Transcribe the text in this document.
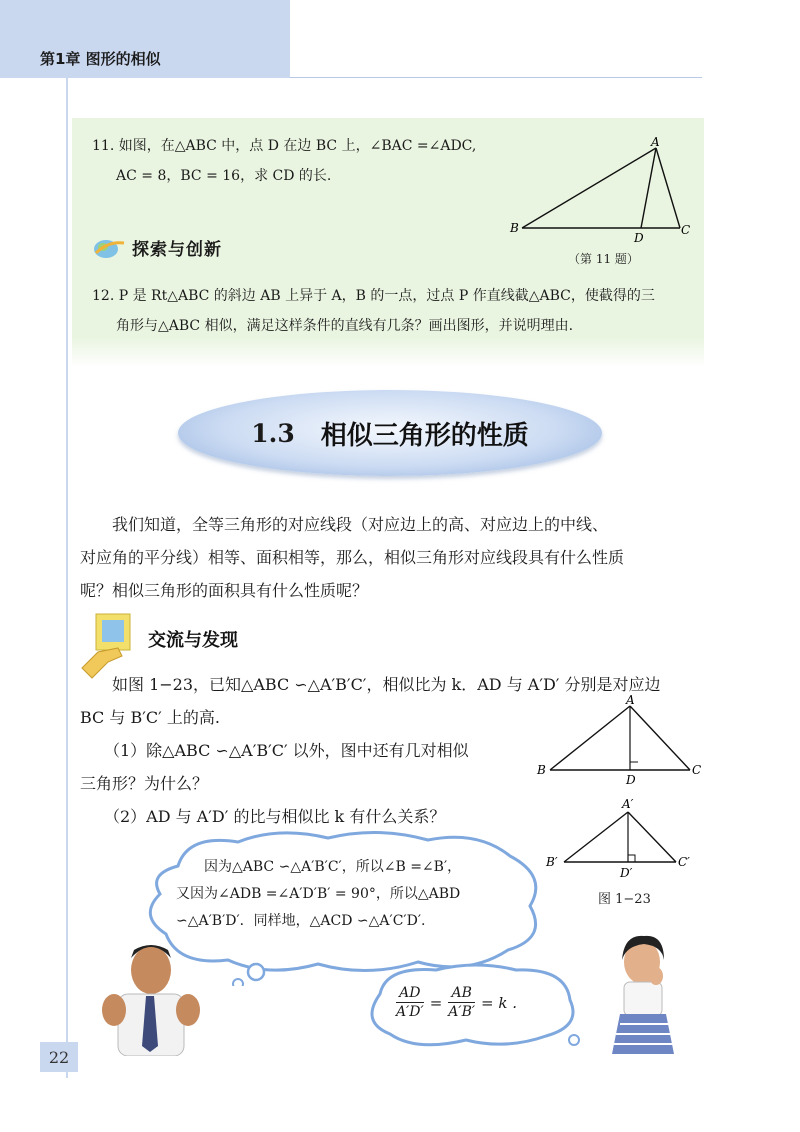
第1章 图形的相似
11. 如图，在△ABC 中，点 D 在边 BC 上，∠BAC =∠ADC,
AC = 8，BC = 16，求 CD 的长.
A
B	C
D
（第 11 题）
探索与创新
12. P 是 Rt△ABC 的斜边 AB 上异于 A，B 的一点，过点 P 作直线截△ABC，使截得的三
角形与△ABC 相似，满足这样条件的直线有几条？画出图形，并说明理由.
1.3 相似三角形的性质

我们知道，全等三角形的对应线段（对应边上的高、对应边上的中线、

对应角的平分线）相等、面积相等，那么，相似三角形对应线段具有什么性质

呢？相似三角形的面积具有什么性质呢？

交流与发现
如图 1−23，已知△ABC ∽△A′B′C′，相似比为 k．AD 与 A′D′ 分别是对应边
BC 与 B′C′ 上的高.
（1）除△ABC ∽△A′B′C′ 以外，图中还有几对相似
三角形？为什么？
（2）AD 与 A′D′ 的比与相似比 k 有什么关系？
A
B	C
D
A′
B′	C′
D′
图 1−23
因为△ABC ∽△A′B′C′，所以∠B =∠B′，
又因为∠ADB =∠A′D′B′ = 90°，所以△ABD
∽△A′B′D′．同样地，△ACD ∽△A′C′D′.
$\frac{AD}{A'D'} = \frac{AB}{A'B'} = k$ .
22
